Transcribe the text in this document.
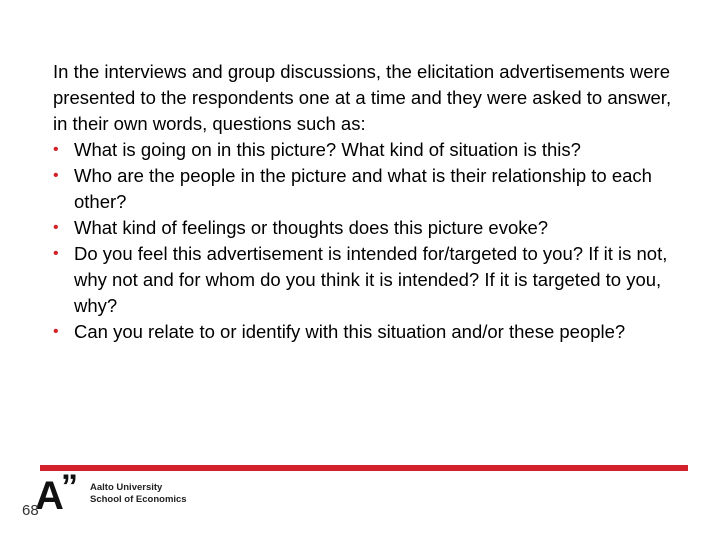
In the interviews and group discussions, the elicitation advertisements were presented to the respondents one at a time and they were asked to answer, in their own words, questions such as:

• What is going on in this picture? What kind of situation is this?
• Who are the people in the picture and what is their relationship to each other?
• What kind of feelings or thoughts does this picture evoke?
• Do you feel this advertisement is intended for/targeted to you? If it is not, why not and for whom do you think it is intended? If it is targeted to you, why?
• Can you relate to or identify with this situation and/or these people?
A
” Aalto University
School of Economics
68
